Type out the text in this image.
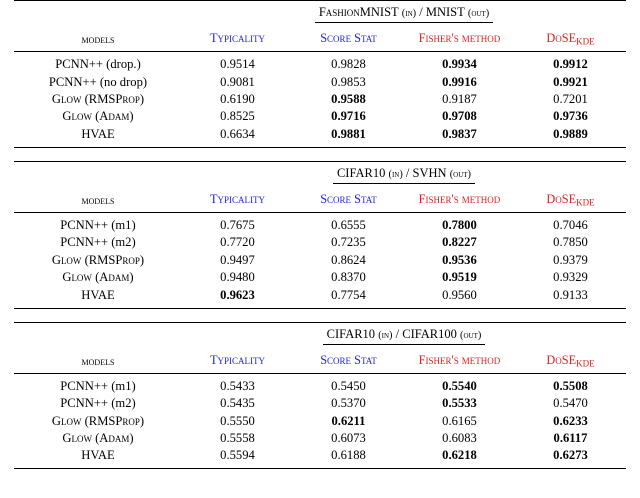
	FashionMNIST (in) / MNIST (out)			
models	Typicality	Score Stat	Fisher's method	DoSE$_{KDE}$

PCNN++ (drop.)	0.9514	0.9828	0.9934	0.9912
PCNN++ (no drop)	0.9081	0.9853	0.9916	0.9921
Glow (RMSProp)	0.6190	0.9588	0.9187	0.7201
Glow (Adam)	0.8525	0.9716	0.9708	0.9736
HVAE	0.6634	0.9881	0.9837	0.9889
	CIFAR10 (in) / SVHN (out)			
models	Typicality	Score Stat	Fisher's method	DoSE$_{KDE}$

PCNN++ (m1)	0.7675	0.6555	0.7800	0.7046
PCNN++ (m2)	0.7720	0.7235	0.8227	0.7850
Glow (RMSProp)	0.9497	0.8624	0.9536	0.9379
Glow (Adam)	0.9480	0.8370	0.9519	0.9329
HVAE	0.9623	0.7754	0.9560	0.9133
	CIFAR10 (in) / CIFAR100 (out)			
models	Typicality	Score Stat	Fisher's method	DoSE$_{KDE}$

PCNN++ (m1)	0.5433	0.5450	0.5540	0.5508
PCNN++ (m2)	0.5435	0.5370	0.5533	0.5470
Glow (RMSProp)	0.5550	0.6211	0.6165	0.6233
Glow (Adam)	0.5558	0.6073	0.6083	0.6117
HVAE	0.5594	0.6188	0.6218	0.6273
